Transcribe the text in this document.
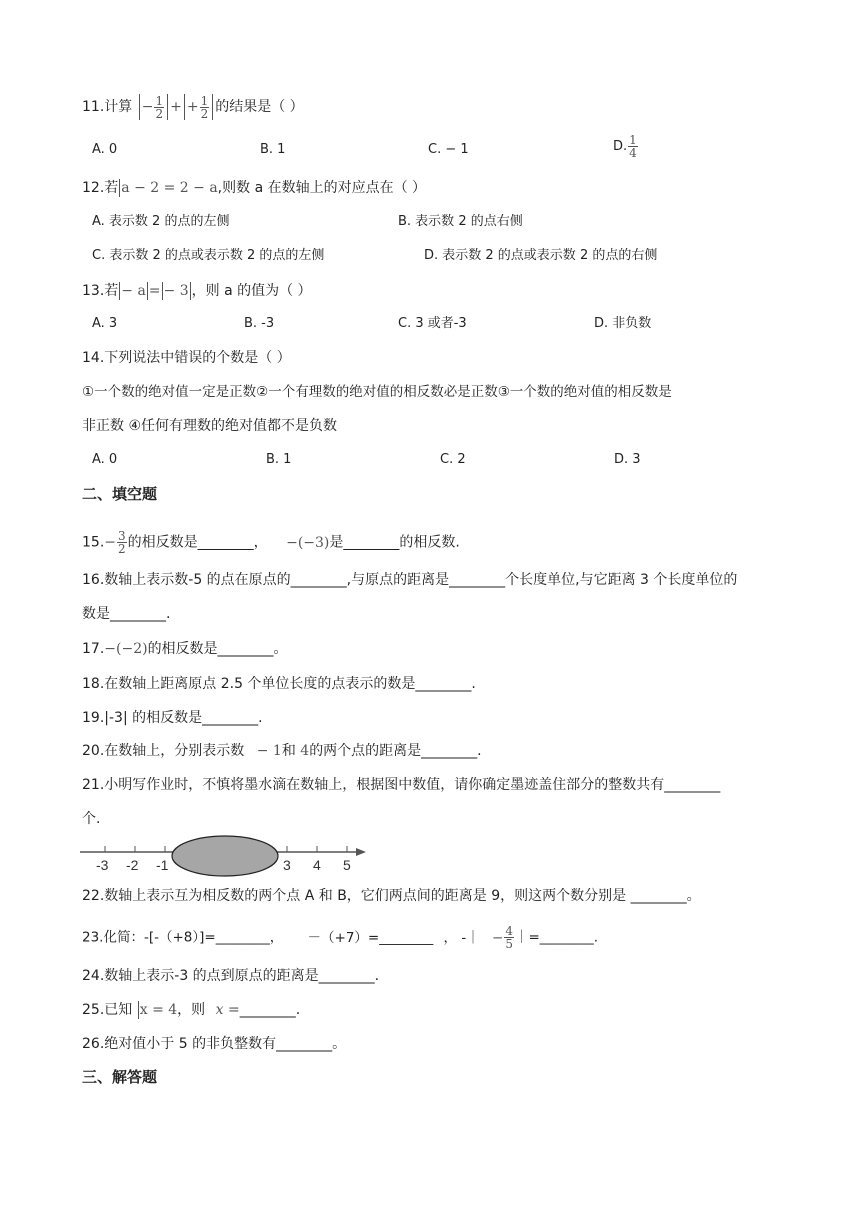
11.计算 − $\frac{1}{2}$ + + $\frac{1}{2}$ 的结果是（ ）
A. 0	B. 1	C. − 1	D. $\frac{1}{4}$
12.若 a − 2 = 2 − a,则数 a 在数轴上的对应点在（ ）
A. 表示数 2 的点的左侧	B. 表示数 2 的点右侧
C. 表示数 2 的点或表示数 2 的点的左侧	D. 表示数 2 的点或表示数 2 的点的右侧
13.若 − a = − 3 ，则 a 的值为（ ）
A. 3	B. -3	C. 3 或者-3	D. 非负数
14.下列说法中错误的个数是（ ）
①一个数的绝对值一定是正数②一个有理数的绝对值的相反数必是正数③一个数的绝对值的相反数是
非正数 ④任何有理数的绝对值都不是负数
A. 0	B. 1	C. 2	D. 3
二、填空题
$15.- \frac{3}{2}$ 的相反数是________， −(−3)是________的相反数.
16.数轴上表示数-5 的点在原点的________,与原点的距离是________个长度单位,与它距离 3 个长度单位的
数是________.
17.−(−2)的相反数是________。
18.在数轴上距离原点 2.5 个单位长度的点表示的数是________.
19.|-3| 的相反数是________.
20.在数轴上，分别表示数 − 1和 4的两个点的距离是________.
21.小明写作业时，不慎将墨水滴在数轴上，根据图中数值，请你确定墨迹盖住部分的整数共有________
个.
-3 -2 -1	3 4 5
22.数轴上表示互为相反数的两个点 A 和 B，它们两点间的距离是 9，则这两个数分别是 ________。
23.化简：-[-（+8）]=________， －（+7）=________ ， -｜ − $\frac{4}{5}$ ｜=________.
24.数轴上表示-3 的点到原点的距离是________.
25.已知 x = 4，则 x =________.
26.绝对值小于 5 的非负整数有________。
三、解答题
